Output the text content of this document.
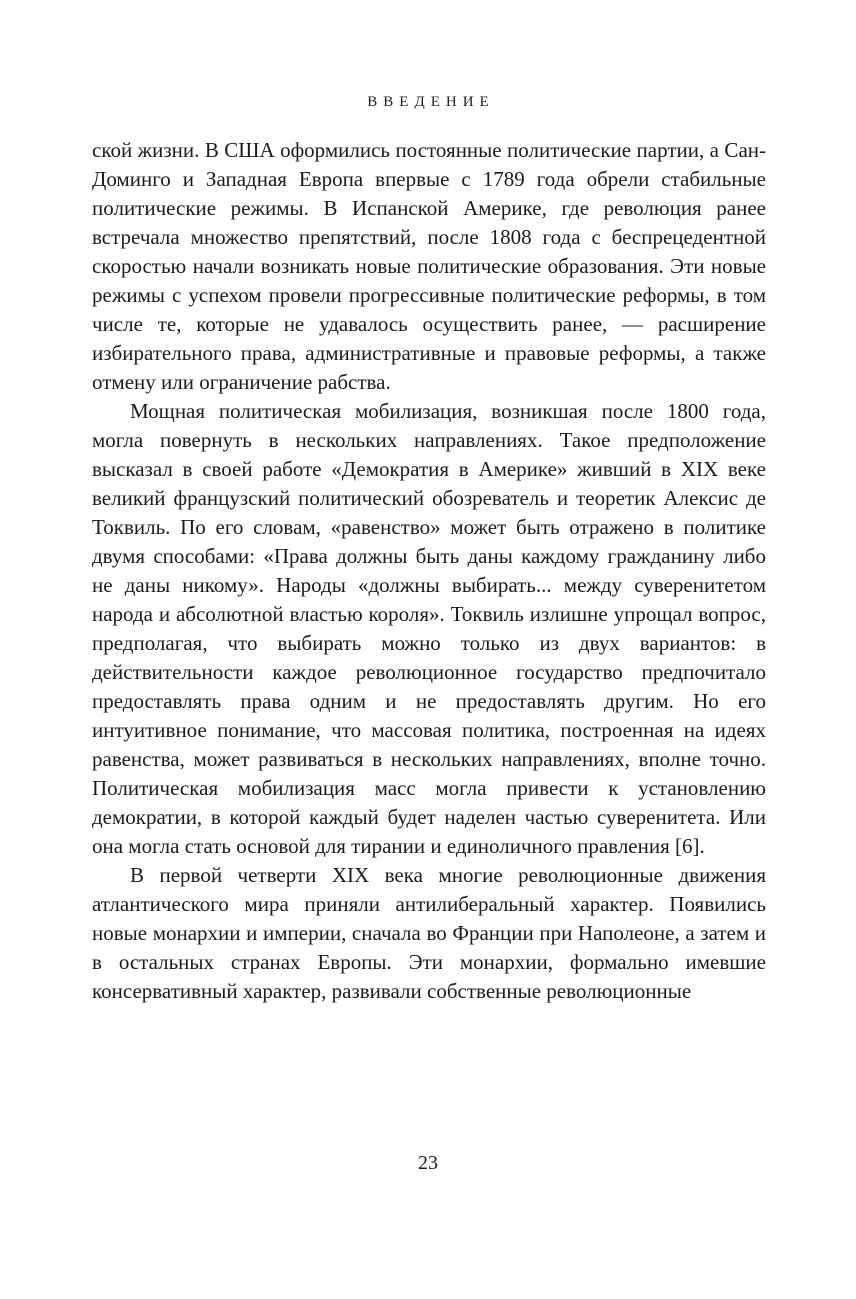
ВВЕДЕНИЕ

ской жизни. В США оформились постоянные политические партии, а Сан-Доминго и Западная Европа впервые с 1789 года обрели стабильные политические режимы. В Испанской Америке, где революция ранее встречала множество препятствий, после 1808 года с беспрецедентной скоростью начали возникать новые политические образования. Эти новые режимы с успехом провели прогрессивные политические реформы, в том числе те, которые не удавалось осуществить ранее, — расширение избирательного права, административные и правовые реформы, а также отмену или ограничение рабства.

Мощная политическая мобилизация, возникшая после 1800 года, могла повернуть в нескольких направлениях. Такое предположение высказал в своей работе «Демократия в Америке» живший в XIX веке великий французский политический обозреватель и теоретик Алексис де Токвиль. По его словам, «равенство» может быть отражено в политике двумя способами: «Права должны быть даны каждому гражданину либо не даны никому». Народы «должны выбирать... между суверенитетом народа и абсолютной властью короля». Токвиль излишне упрощал вопрос, предполагая, что выбирать можно только из двух вариантов: в действительности каждое революционное государство предпочитало предоставлять права одним и не предоставлять другим. Но его интуитивное понимание, что массовая политика, построенная на идеях равенства, может развиваться в нескольких направлениях, вполне точно. Политическая мобилизация масс могла привести к установлению демократии, в которой каждый будет наделен частью суверенитета. Или она могла стать основой для тирании и единоличного правления [6].

В первой четверти XIX века многие революционные движения атлантического мира приняли антилиберальный характер. Появились новые монархии и империи, сначала во Франции при Наполеоне, а затем и в остальных странах Европы. Эти монархии, формально имевшие консервативный характер, развивали собственные революционные

23
